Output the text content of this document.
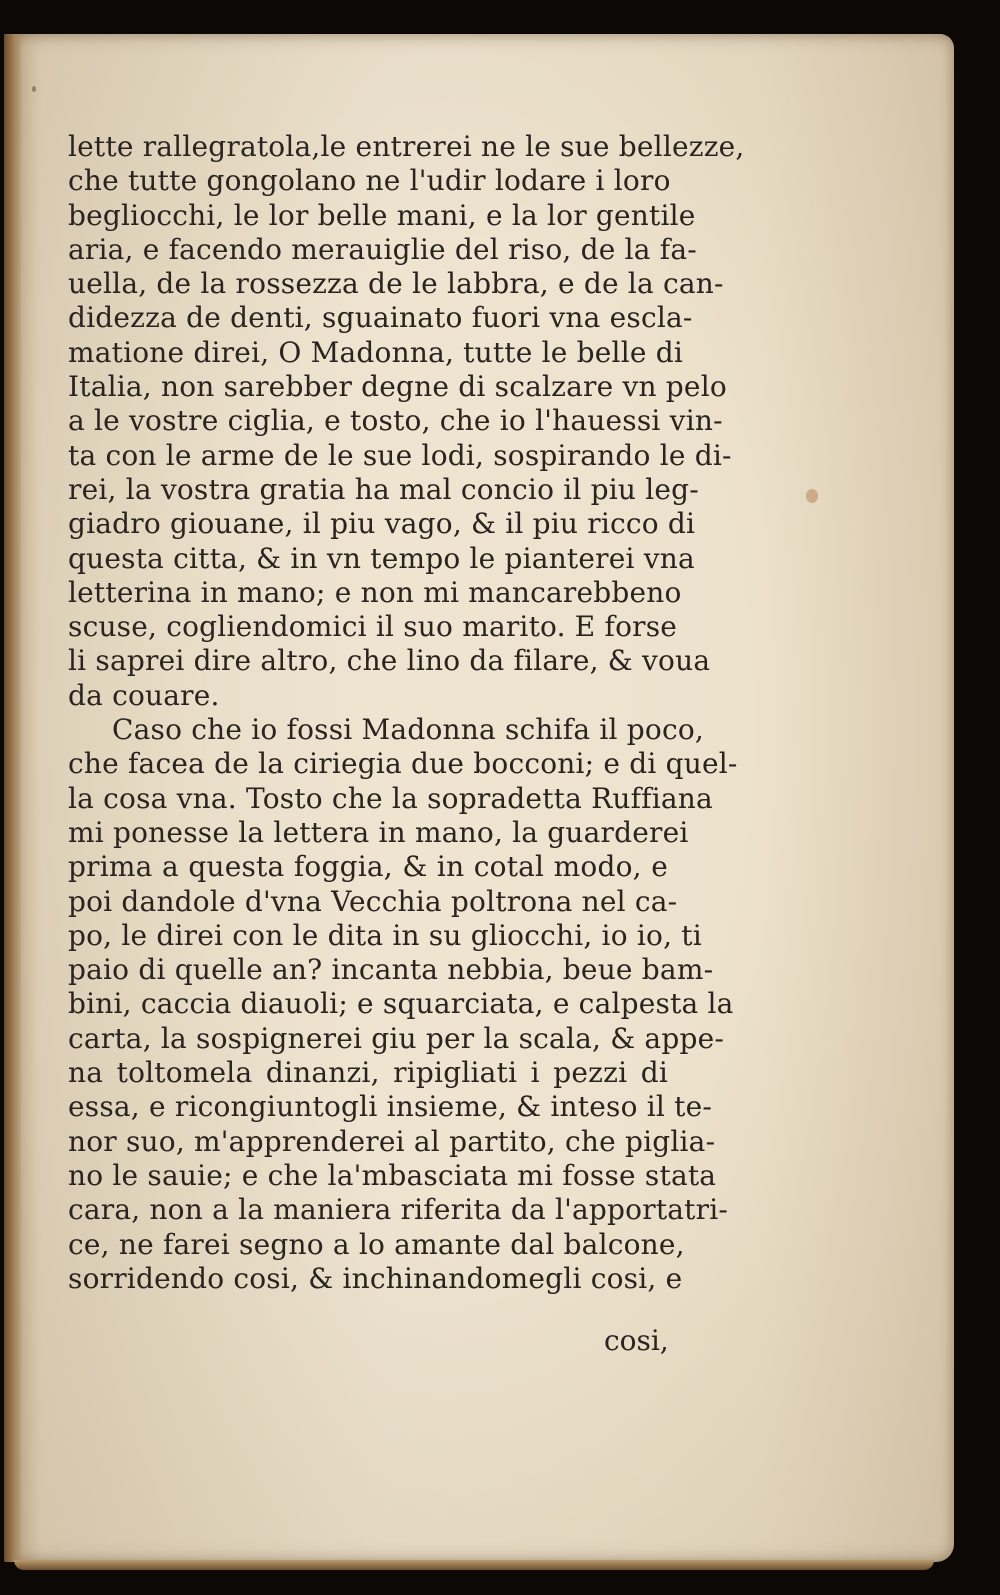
lette rallegratola,le entrerei ne le sue bellezze,
che tutte gongolano ne l'udir lodare i loro
begliocchi, le lor belle mani, e la lor gentile
aria, e facendo merauiglie del riso, de la fa-
uella, de la rossezza de le labbra, e de la can-
didezza de denti, sguainato fuori vna escla-
matione direi, O Madonna, tutte le belle di
Italia, non sarebber degne di scalzare vn pelo
a le vostre ciglia, e tosto, che io l'hauessi vin-
ta con le arme de le sue lodi, sospirando le di-
rei, la vostra gratia ha mal concio il piu leg-
giadro giouane, il piu vago, & il piu ricco di
questa citta, & in vn tempo le pianterei vna
letterina in mano; e non mi mancarebbeno
scuse, cogliendomici il suo marito. E forse
li saprei dire altro, che lino da filare, & voua
da couare.
Caso che io fossi Madonna schifa il poco,
che facea de la ciriegia due bocconi; e di quel-
la cosa vna. Tosto che la sopradetta Ruffiana
mi ponesse la lettera in mano, la guarderei
prima a questa foggia, & in cotal modo, e
poi dandole d'vna Vecchia poltrona nel ca-
po, le direi con le dita in su gliocchi, io io, ti
paio di quelle an? incanta nebbia, beue bam-
bini, caccia diauoli; e squarciata, e calpesta la
carta, la sospignerei giu per la scala, & appe-
na toltomela dinanzi, ripigliati i pezzi di
essa, e ricongiuntogli insieme, & inteso il te-
nor suo, m'apprenderei al partito, che piglia-
no le sauie; e che la'mbasciata mi fosse stata
cara, non a la maniera riferita da l'apportatri-
ce, ne farei segno a lo amante dal balcone,
sorridendo cosi, & inchinandomegli cosi, e

cosi,
